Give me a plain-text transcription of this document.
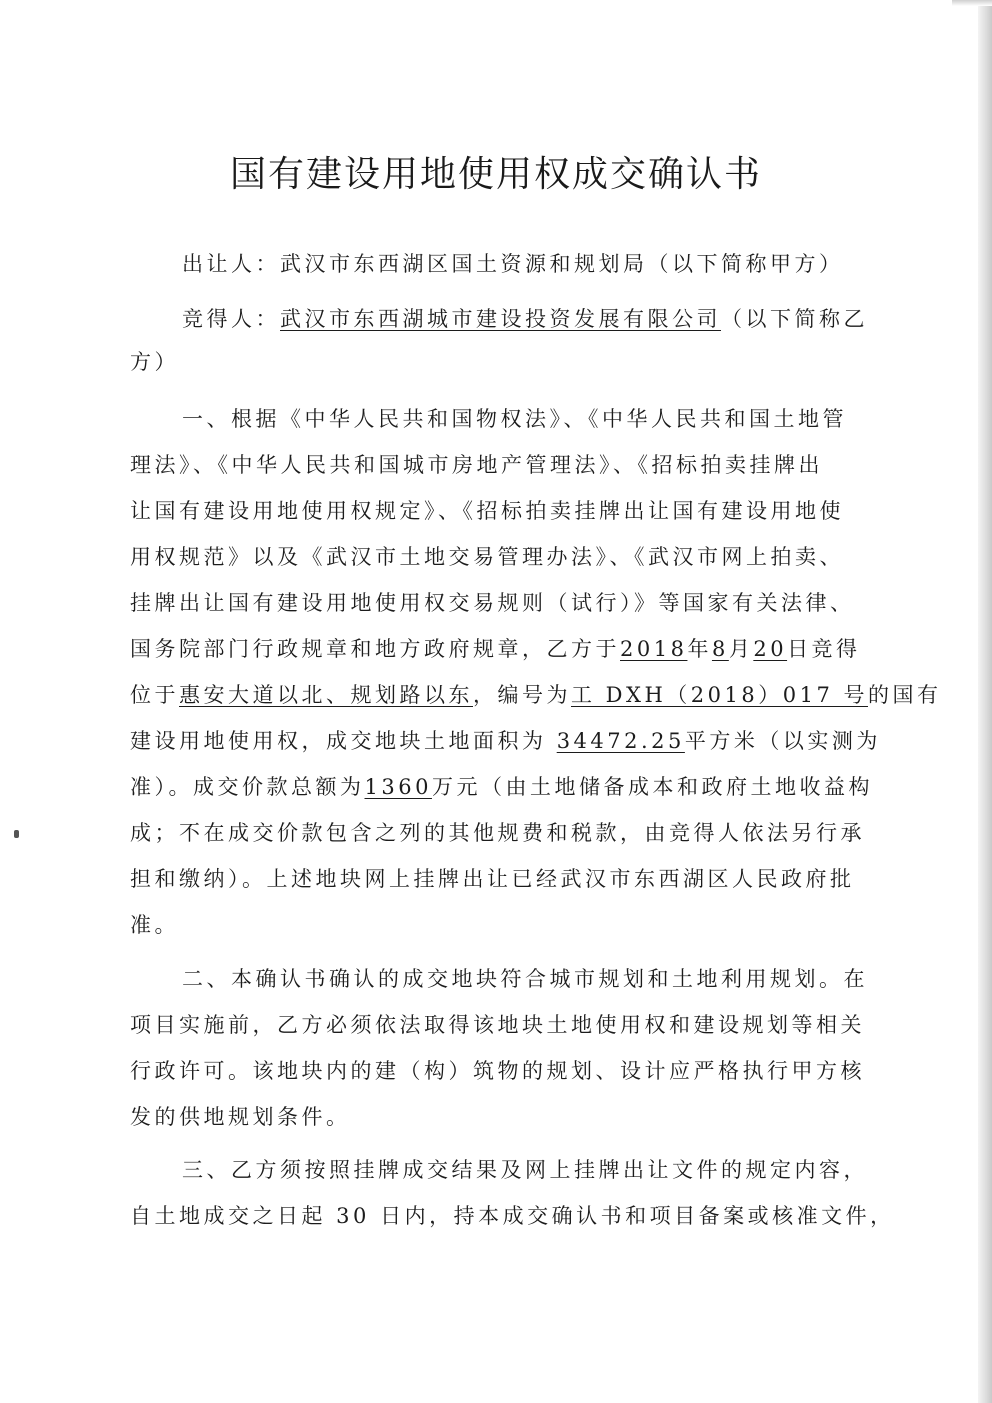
国有建设用地使用权成交确认书
出让人：武汉市东西湖区国土资源和规划局（以下简称甲方）
竞得人：武汉市东西湖城市建设投资发展有限公司（以下简称乙
方）
一、根据《中华人民共和国物权法》、《中华人民共和国土地管
理法》、《中华人民共和国城市房地产管理法》、《招标拍卖挂牌出
让国有建设用地使用权规定》、《招标拍卖挂牌出让国有建设用地使
用权规范》以及《武汉市土地交易管理办法》、《武汉市网上拍卖、
挂牌出让国有建设用地使用权交易规则（试行）》等国家有关法律、
国务院部门行政规章和地方政府规章，乙方于2018年8月20日竞得
位于惠安大道以北、规划路以东，编号为工 DXH（2018）017 号的国有
建设用地使用权，成交地块土地面积为 34472.25平方米（以实测为
准）。成交价款总额为1360万元（由土地储备成本和政府土地收益构
成；不在成交价款包含之列的其他规费和税款，由竞得人依法另行承
担和缴纳）。上述地块网上挂牌出让已经武汉市东西湖区人民政府批
准。
二、本确认书确认的成交地块符合城市规划和土地利用规划。在
项目实施前，乙方必须依法取得该地块土地使用权和建设规划等相关
行政许可。该地块内的建（构）筑物的规划、设计应严格执行甲方核
发的供地规划条件。
三、乙方须按照挂牌成交结果及网上挂牌出让文件的规定内容，
自土地成交之日起 30 日内，持本成交确认书和项目备案或核准文件，
